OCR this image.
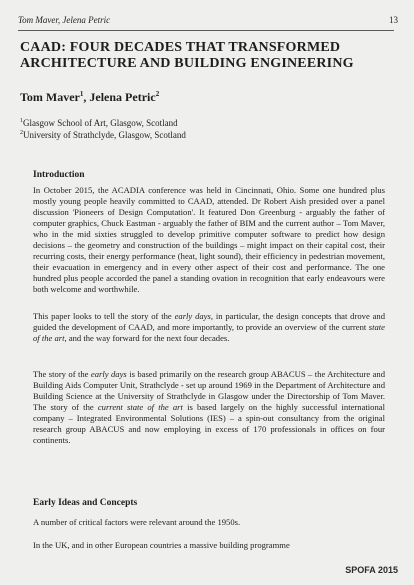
Tom Maver, Jelena Petric	13
CAAD: FOUR DECADES THAT TRANSFORMED
ARCHITECTURE AND BUILDING ENGINEERING
Tom Maver$^1$, Jelena Petric$^2$
$^1$Glasgow School of Art, Glasgow, Scotland
$^2$University of Strathclyde, Glasgow, Scotland
Introduction

In October 2015, the ACADIA conference was held in Cincinnati, Ohio. Some one hundred plus mostly young people heavily committed to CAAD, attended. Dr Robert Aish presided over a panel discussion 'Pioneers of Design Computation'. It featured Don Greenburg - arguably the father of computer graphics, Chuck Eastman - arguably the father of BIM and the current author – Tom Maver, who in the mid sixties struggled to develop primitive computer software to predict how design decisions – the geometry and construction of the buildings – might impact on their capital cost, their recurring costs, their energy performance (heat, light sound), their efficiency in pedestrian movement, their evacuation in emergency and in every other aspect of their cost and performance. The one hundred plus people accorded the panel a standing ovation in recognition that early endeavours were both welcome and worthwhile.

This paper looks to tell the story of the early days, in particular, the design concepts that drove and guided the development of CAAD, and more importantly, to provide an overview of the current state of the art, and the way forward for the next four decades.

The story of the early days is based primarily on the research group ABACUS – the Architecture and Building Aids Computer Unit, Strathclyde - set up around 1969 in the Department of Architecture and Building Science at the University of Strathclyde in Glasgow under the Directorship of Tom Maver. The story of the current state of the art is based largely on the highly successful international company – Integrated Environmental Solutions (IES) – a spin-out consultancy from the original research group ABACUS and now employing in excess of 170 professionals in offices on four continents.

Early Ideas and Concepts

A number of critical factors were relevant around the 1950s.

In the UK, and in other European countries a massive building programme

SPOFA 2015
